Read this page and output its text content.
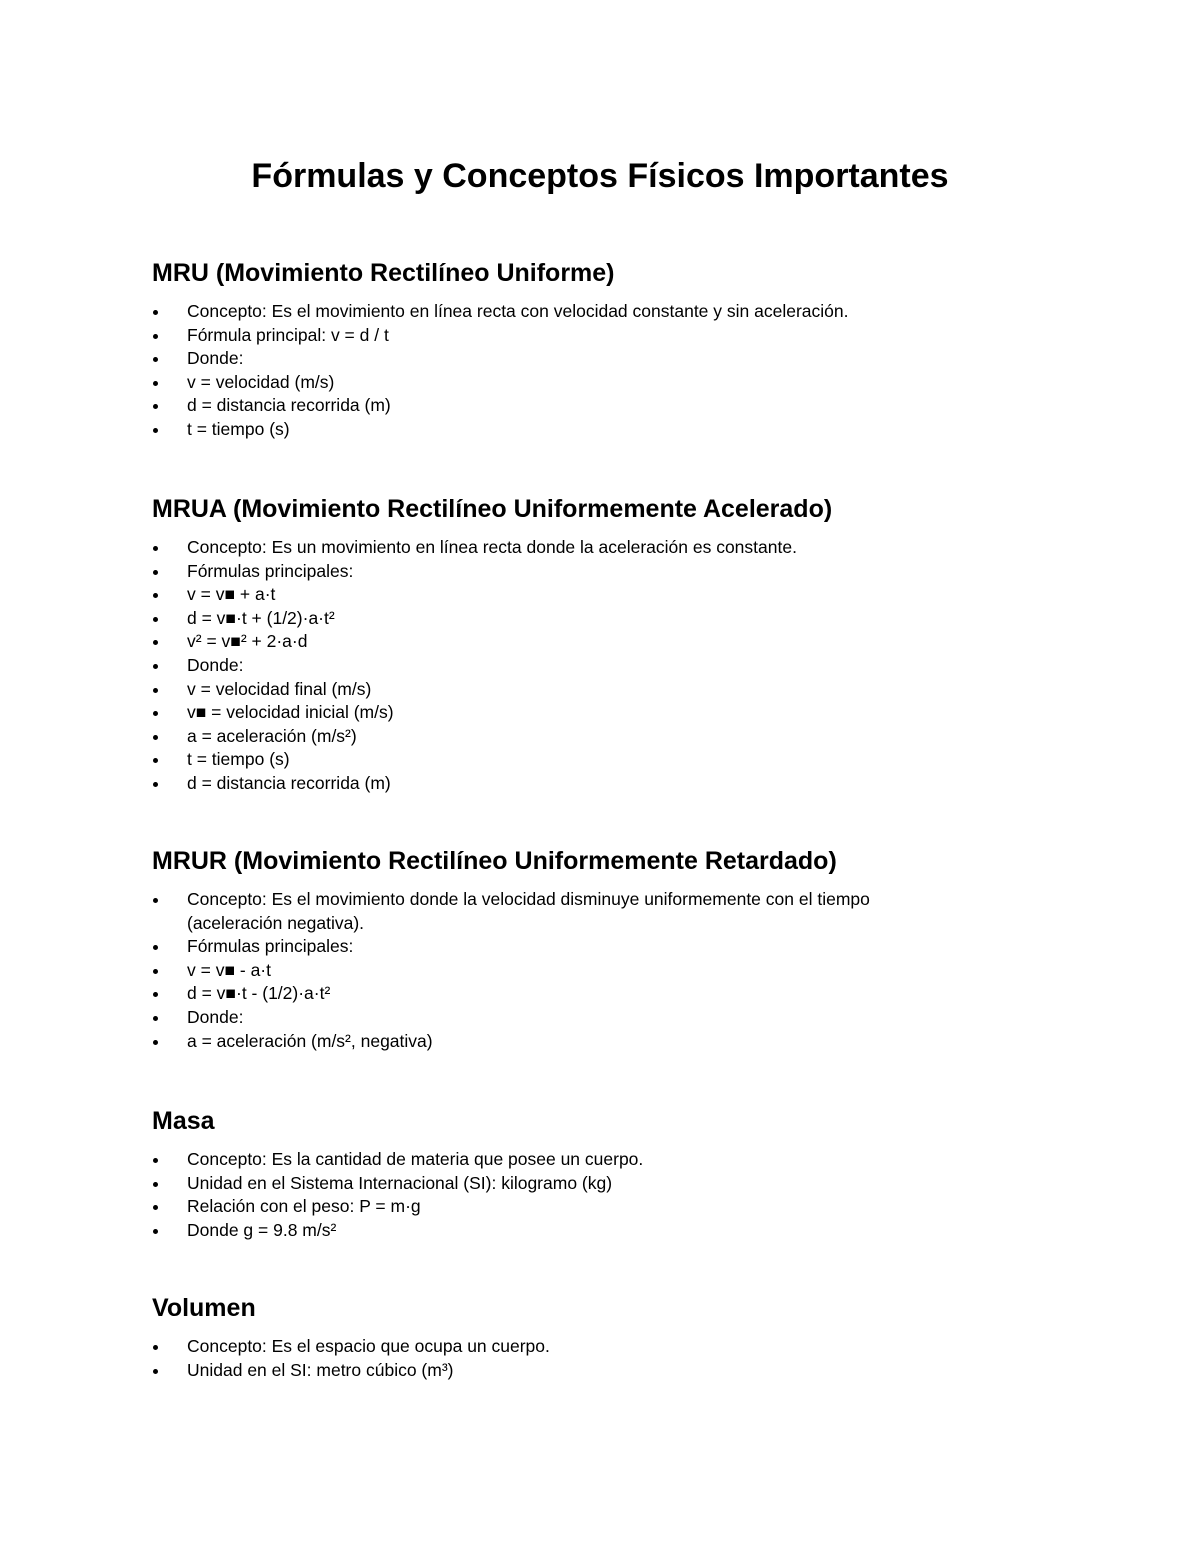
Fórmulas y Conceptos Físicos Importantes
MRU (Movimiento Rectilíneo Uniforme)
Concepto: Es el movimiento en línea recta con velocidad constante y sin aceleración.
Fórmula principal: v = d / t
Donde:
v = velocidad (m/s)
d = distancia recorrida (m)
t = tiempo (s)
MRUA (Movimiento Rectilíneo Uniformemente Acelerado)
Concepto: Es un movimiento en línea recta donde la aceleración es constante.
Fórmulas principales:
v = v■ + a·t
d = v■·t + (1/2)·a·t²
v² = v■² + 2·a·d
Donde:
v = velocidad final (m/s)
v■ = velocidad inicial (m/s)
a = aceleración (m/s²)
t = tiempo (s)
d = distancia recorrida (m)
MRUR (Movimiento Rectilíneo Uniformemente Retardado)
Concepto: Es el movimiento donde la velocidad disminuye uniformemente con el tiempo
(aceleración negativa).
Fórmulas principales:
v = v■ - a·t
d = v■·t - (1/2)·a·t²
Donde:
a = aceleración (m/s², negativa)
Masa
Concepto: Es la cantidad de materia que posee un cuerpo.
Unidad en el Sistema Internacional (SI): kilogramo (kg)
Relación con el peso: P = m·g
Donde g = 9.8 m/s²
Volumen
Concepto: Es el espacio que ocupa un cuerpo.
Unidad en el SI: metro cúbico (m³)
